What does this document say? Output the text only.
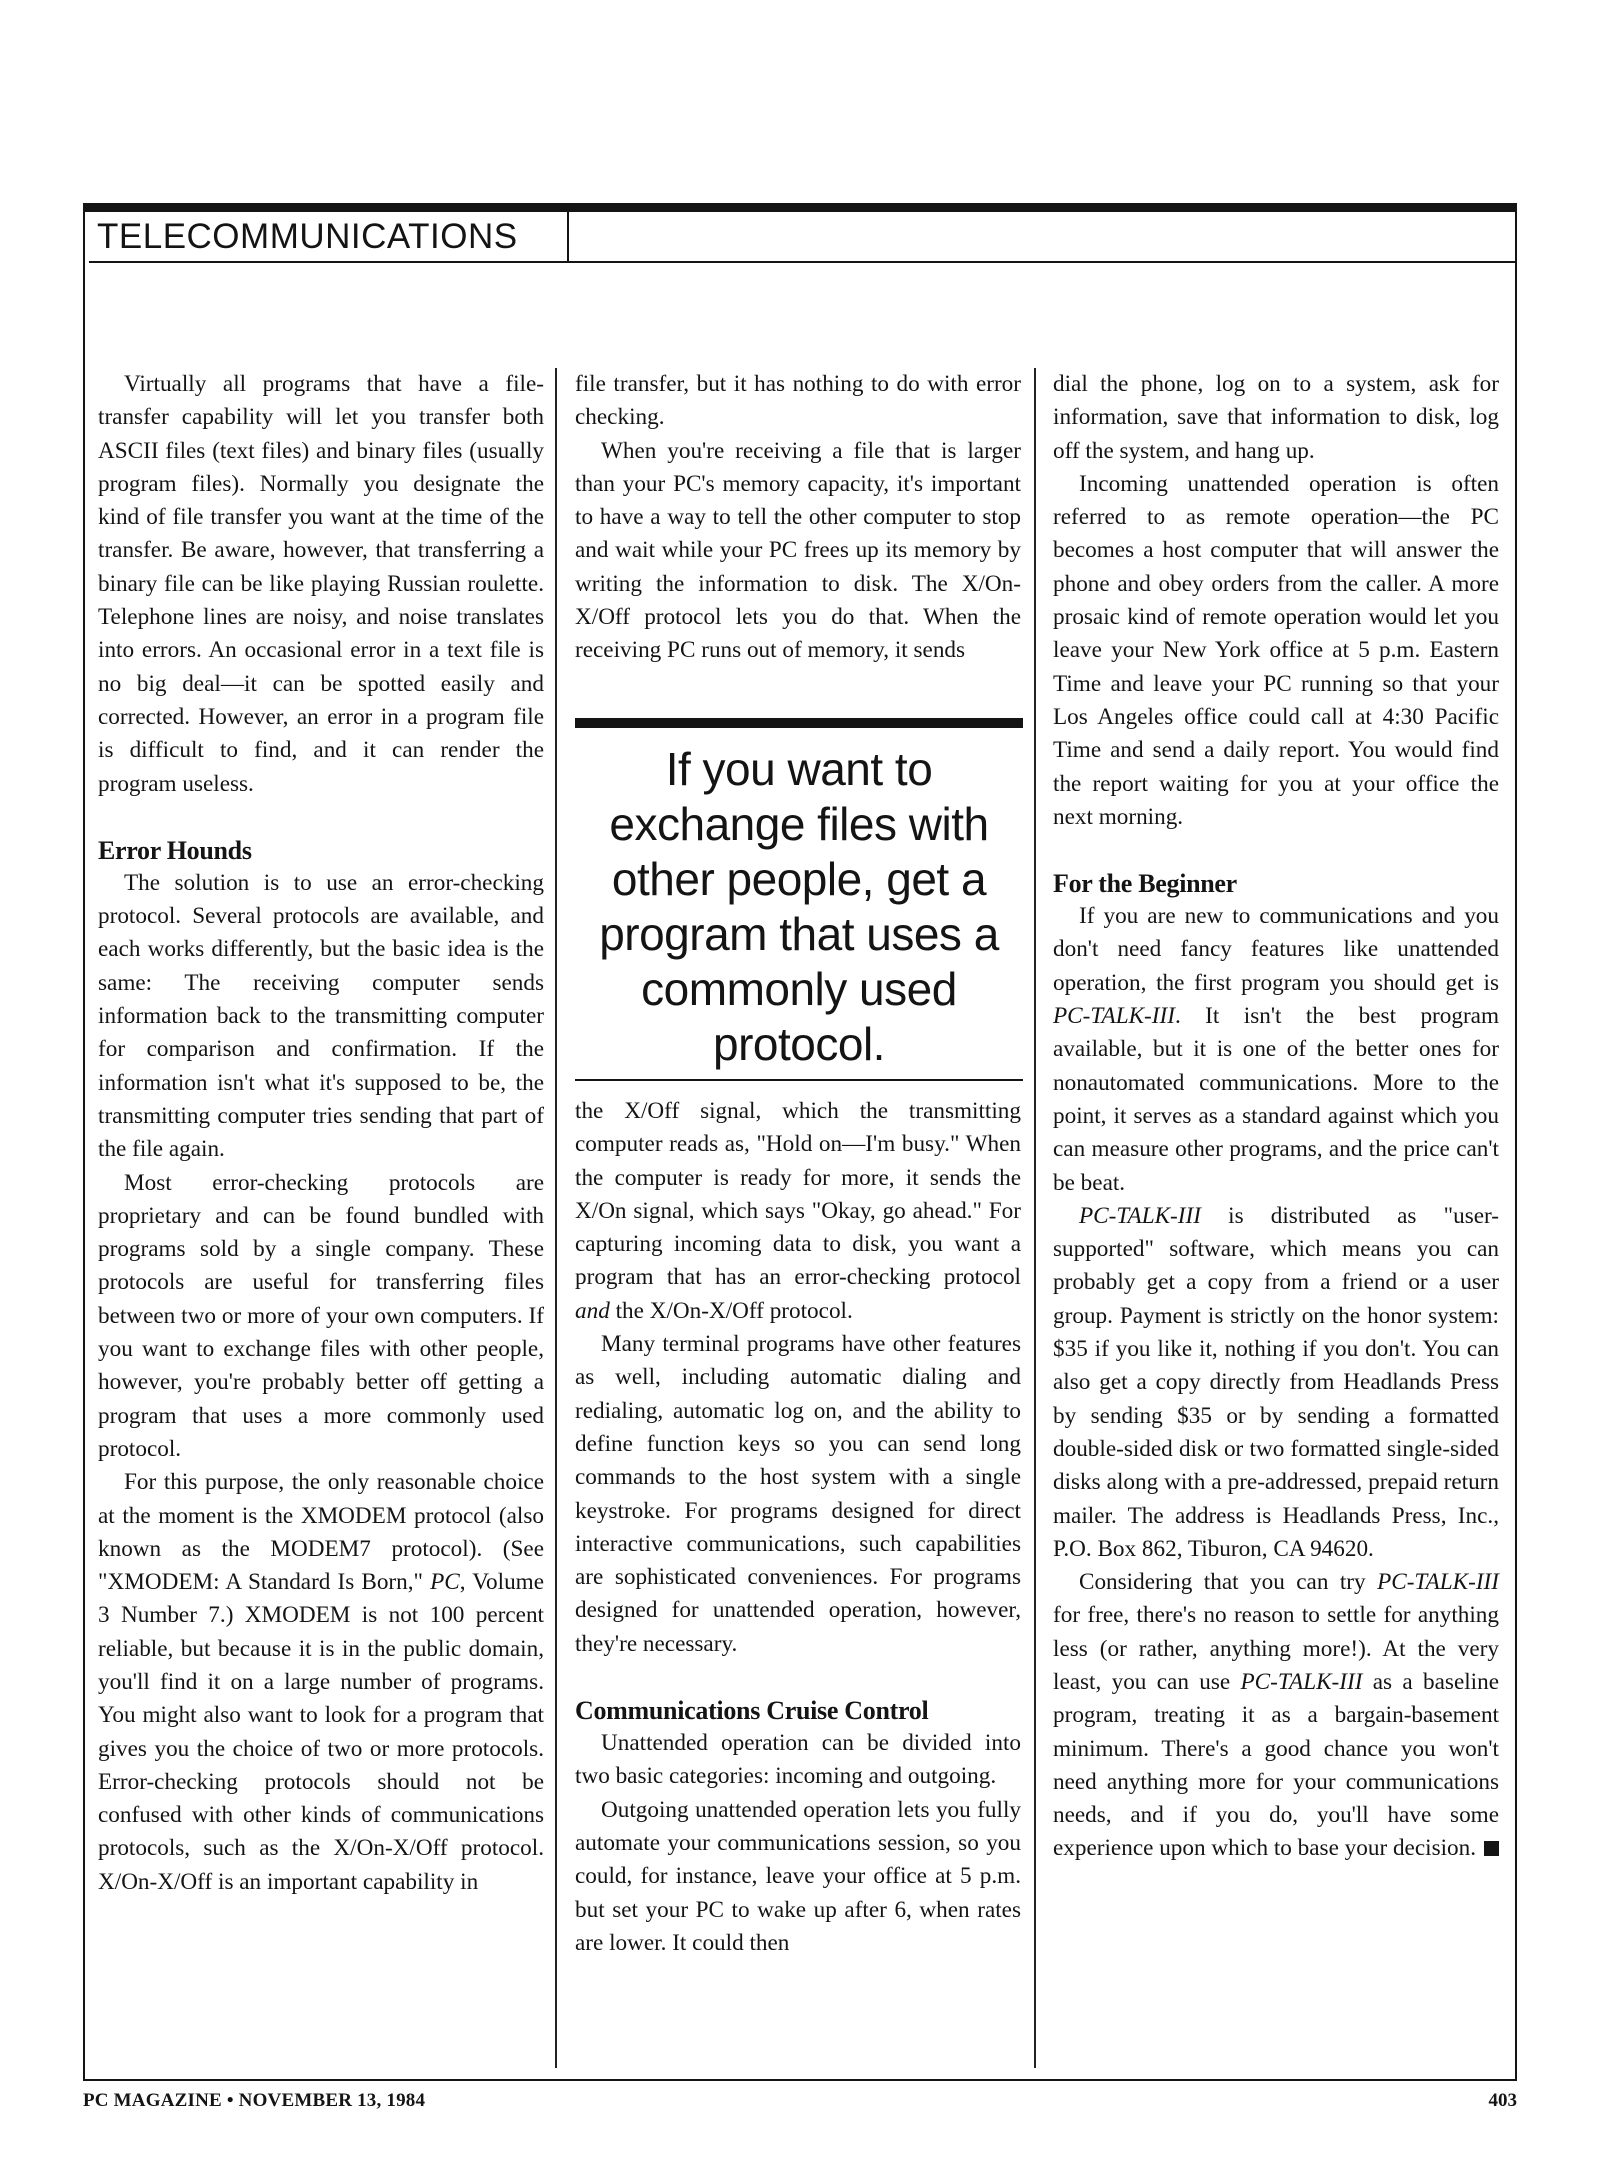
TELECOMMUNICATIONS

Virtually all programs that have a file-transfer capability will let you transfer both ASCII files (text files) and binary files (usually program files). Normally you designate the kind of file transfer you want at the time of the transfer. Be aware, however, that transferring a binary file can be like playing Russian roulette. Telephone lines are noisy, and noise translates into errors. An occasional error in a text file is no big deal—it can be spotted easily and corrected. However, an error in a program file is difficult to find, and it can render the program useless.

Error Hounds

The solution is to use an error-checking protocol. Several protocols are available, and each works differently, but the basic idea is the same: The receiving computer sends information back to the transmitting computer for comparison and confirmation. If the information isn't what it's supposed to be, the transmitting computer tries sending that part of the file again.

Most error-checking protocols are proprietary and can be found bundled with programs sold by a single company. These protocols are useful for transferring files between two or more of your own computers. If you want to exchange files with other people, however, you're probably better off getting a program that uses a more commonly used protocol.

For this purpose, the only reasonable choice at the moment is the XMODEM protocol (also known as the MODEM7 protocol). (See "XMODEM: A Standard Is Born," PC, Volume 3 Number 7.) XMODEM is not 100 percent reliable, but because it is in the public domain, you'll find it on a large number of programs. You might also want to look for a program that gives you the choice of two or more protocols. Error-checking protocols should not be confused with other kinds of communications protocols, such as the X/On-X/Off protocol. X/On-X/Off is an important capability in

file transfer, but it has nothing to do with error checking.

When you're receiving a file that is larger than your PC's memory capacity, it's important to have a way to tell the other computer to stop and wait while your PC frees up its memory by writing the information to disk. The X/On-X/Off protocol lets you do that. When the receiving PC runs out of memory, it sends

If you want to exchange files with other people, get a program that uses a commonly used protocol.

the X/Off signal, which the transmitting computer reads as, "Hold on—I'm busy." When the computer is ready for more, it sends the X/On signal, which says "Okay, go ahead." For capturing incoming data to disk, you want a program that has an error-checking protocol and the X/On-X/Off protocol.

Many terminal programs have other features as well, including automatic dialing and redialing, automatic log on, and the ability to define function keys so you can send long commands to the host system with a single keystroke. For programs designed for direct interactive communications, such capabilities are sophisticated conveniences. For programs designed for unattended operation, however, they're necessary.

Communications Cruise Control

Unattended operation can be divided into two basic categories: incoming and outgoing.

Outgoing unattended operation lets you fully automate your communications session, so you could, for instance, leave your office at 5 p.m. but set your PC to wake up after 6, when rates are lower. It could then

dial the phone, log on to a system, ask for information, save that information to disk, log off the system, and hang up.

Incoming unattended operation is often referred to as remote operation—the PC becomes a host computer that will answer the phone and obey orders from the caller. A more prosaic kind of remote operation would let you leave your New York office at 5 p.m. Eastern Time and leave your PC running so that your Los Angeles office could call at 4:30 Pacific Time and send a daily report. You would find the report waiting for you at your office the next morning.

For the Beginner

If you are new to communications and you don't need fancy features like unattended operation, the first program you should get is PC-TALK-III. It isn't the best program available, but it is one of the better ones for nonautomated communications. More to the point, it serves as a standard against which you can measure other programs, and the price can't be beat.

PC-TALK-III is distributed as "user-supported" software, which means you can probably get a copy from a friend or a user group. Payment is strictly on the honor system: $35 if you like it, nothing if you don't. You can also get a copy directly from Headlands Press by sending $35 or by sending a formatted double-sided disk or two formatted single-sided disks along with a pre-addressed, prepaid return mailer. The address is Headlands Press, Inc., P.O. Box 862, Tiburon, CA 94620.

Considering that you can try PC-TALK-III for free, there's no reason to settle for anything less (or rather, anything more!). At the very least, you can use PC-TALK-III as a baseline program, treating it as a bargain-basement minimum. There's a good chance you won't need anything more for your communications needs, and if you do, you'll have some experience upon which to base your decision.

PC MAGAZINE • NOVEMBER 13, 1984	403
